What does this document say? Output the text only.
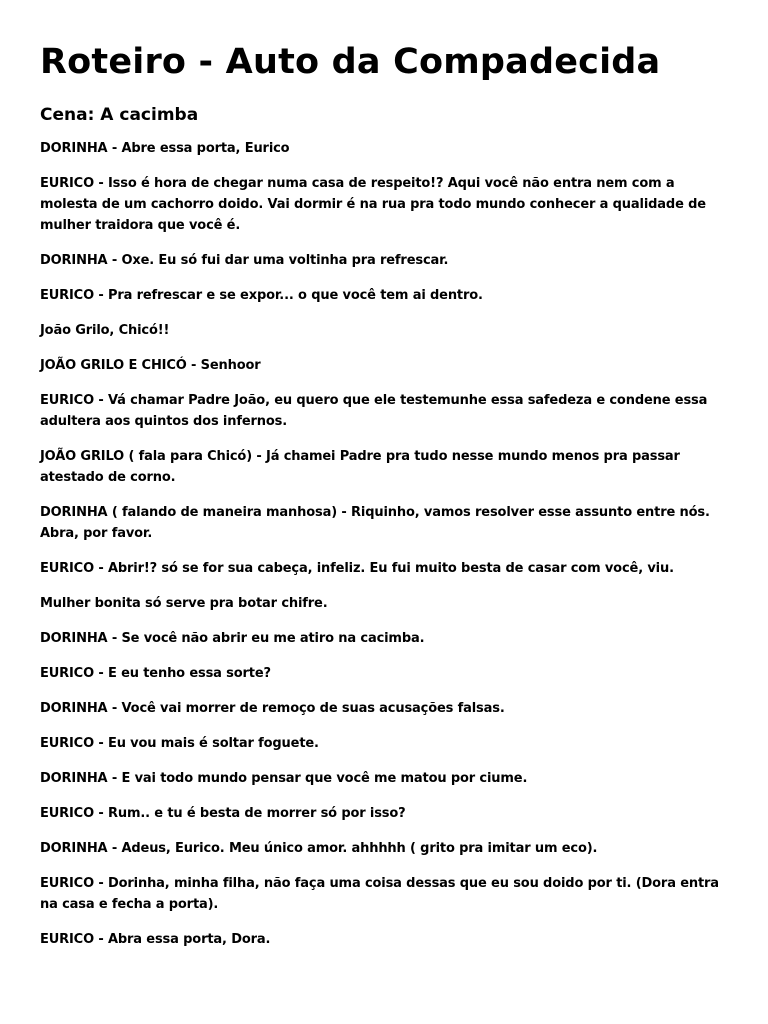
Roteiro - Auto da Compadecida
Cena: A cacimba

DORINHA - Abre essa porta, Eurico

EURICO - Isso é hora de chegar numa casa de respeito!? Aqui você não entra nem com a molesta de um cachorro doido. Vai dormir é na rua pra todo mundo conhecer a qualidade de mulher traidora que você é.

DORINHA - Oxe. Eu só fui dar uma voltinha pra refrescar.

EURICO - Pra refrescar e se expor... o que você tem ai dentro.

João Grilo, Chicó!!

JOÃO GRILO E CHICÓ - Senhoor

EURICO - Vá chamar Padre João, eu quero que ele testemunhe essa safedeza e condene essa adultera aos quintos dos infernos.

JOÃO GRILO ( fala para Chicó) - Já chamei Padre pra tudo nesse mundo menos pra passar atestado de corno.

DORINHA ( falando de maneira manhosa) - Riquinho, vamos resolver esse assunto entre nós. Abra, por favor.

EURICO - Abrir!? só se for sua cabeça, infeliz. Eu fui muito besta de casar com você, viu.

Mulher bonita só serve pra botar chifre.

DORINHA - Se você não abrir eu me atiro na cacimba.

EURICO - E eu tenho essa sorte?

DORINHA - Você vai morrer de remoço de suas acusações falsas.

EURICO - Eu vou mais é soltar foguete.

DORINHA - E vai todo mundo pensar que você me matou por ciume.

EURICO - Rum.. e tu é besta de morrer só por isso?

DORINHA - Adeus, Eurico. Meu único amor. ahhhhh ( grito pra imitar um eco).

EURICO - Dorinha, minha filha, não faça uma coisa dessas que eu sou doido por ti. (Dora entra na casa e fecha a porta).

EURICO - Abra essa porta, Dora.
